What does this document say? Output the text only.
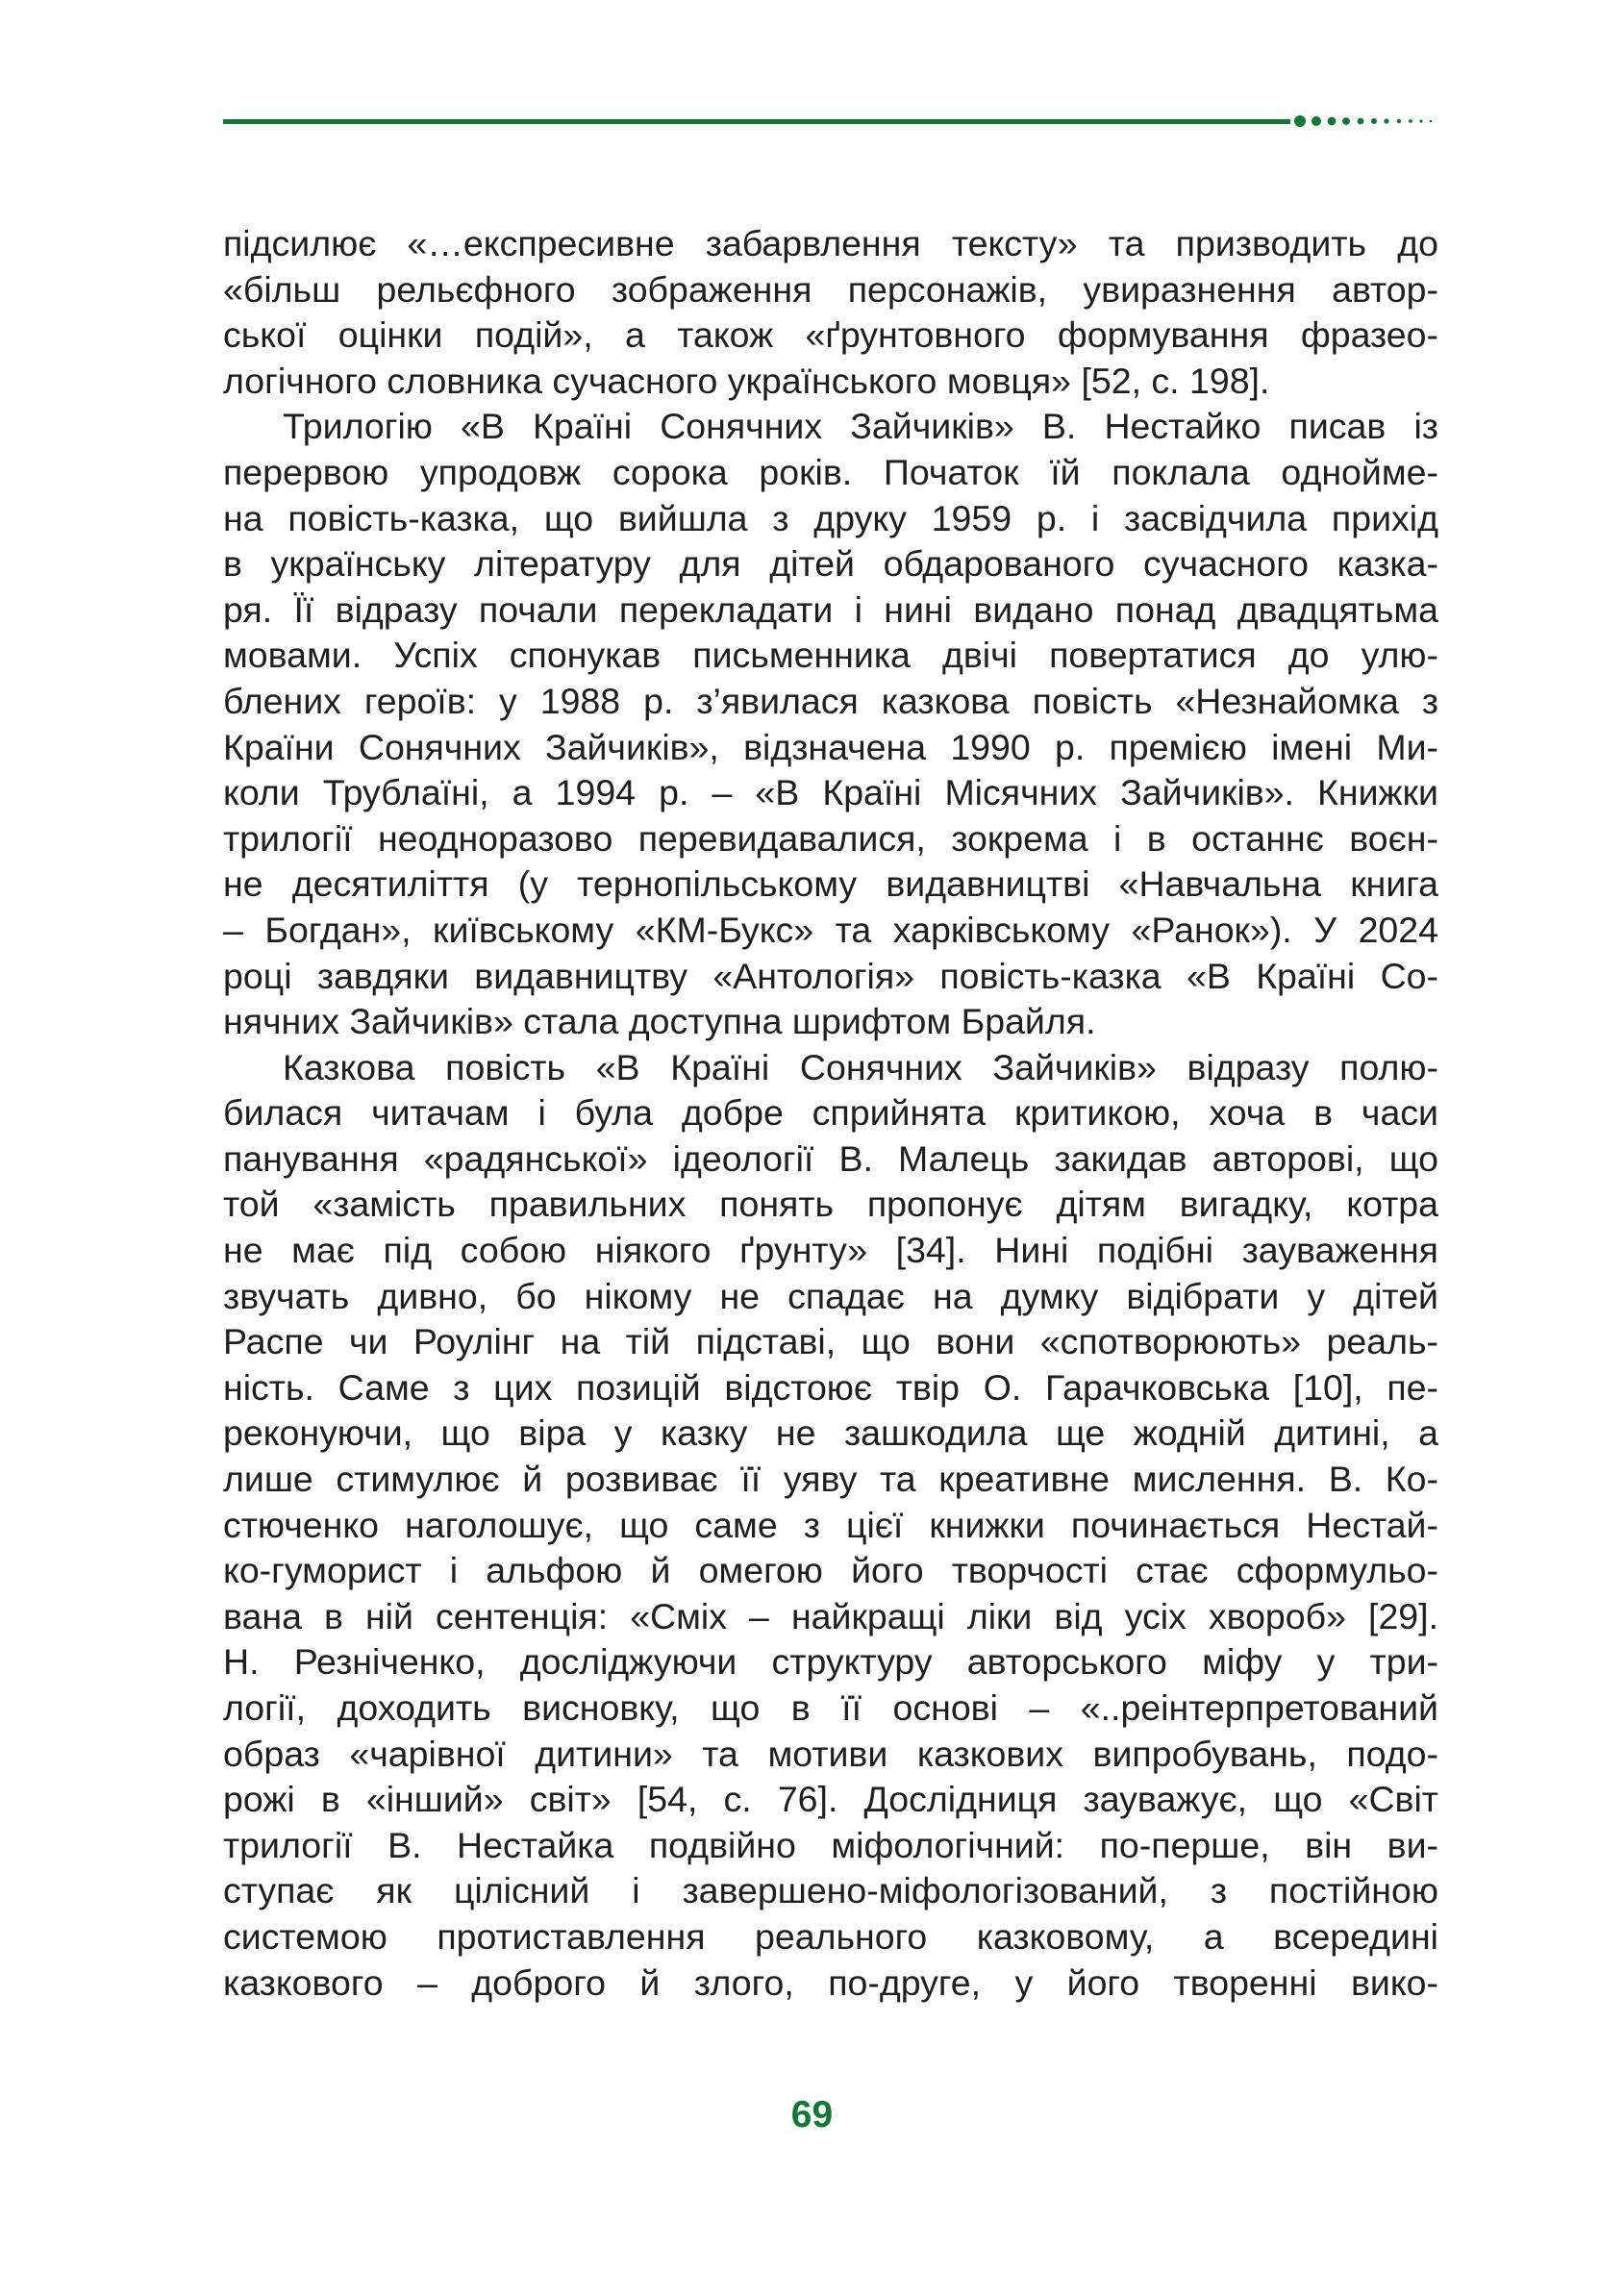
підсилює «…експресивне забарвлення тексту» та призводить до
«більш рельєфного зображення персонажів, увиразнення автор-
ської оцінки подій», а також «ґрунтовного формування фразео-
логічного словника сучасного українського мовця» [52, с. 198].
Трилогію «В Країні Сонячних Зайчиків» В. Нестайко писав із
перервою упродовж сорока років. Початок їй поклала однойме-
на повість-казка, що вийшла з друку 1959 р. і засвідчила прихід
в українську літературу для дітей обдарованого сучасного казка-
ря. Її відразу почали перекладати і нині видано понад двадцятьма
мовами. Успіх спонукав письменника двічі повертатися до улю-
блених героїв: у 1988 р. з’явилася казкова повість «Незнайомка з
Країни Сонячних Зайчиків», відзначена 1990 р. премією імені Ми-
коли Трублаїні, а 1994 р. – «В Країні Місячних Зайчиків». Книжки
трилогії неодноразово перевидавалися, зокрема і в останнє воєн-
не десятиліття (у тернопільському видавництві «Навчальна книга
– Богдан», київському «КМ-Букс» та харківському «Ранок»). У 2024
році завдяки видавництву «Антологія» повість-казка «В Країні Со-
нячних Зайчиків» стала доступна шрифтом Брайля.
Казкова повість «В Країні Сонячних Зайчиків» відразу полю-
билася читачам і була добре сприйнята критикою, хоча в часи
панування «радянської» ідеології В. Малець закидав авторові, що
той «замість правильних понять пропонує дітям вигадку, котра
не має під собою ніякого ґрунту» [34]. Нині подібні зауваження
звучать дивно, бо нікому не спадає на думку відібрати у дітей
Распе чи Роулінг на тій підставі, що вони «спотворюють» реаль-
ність. Саме з цих позицій відстоює твір О. Гарачковська [10], пе-
реконуючи, що віра у казку не зашкодила ще жодній дитині, а
лише стимулює й розвиває її уяву та креативне мислення. В. Ко-
стюченко наголошує, що саме з цієї книжки починається Нестай-
ко-гуморист і альфою й омегою його творчості стає сформульо-
вана в ній сентенція: «Сміх – найкращі ліки від усіх хвороб» [29].
Н. Резніченко, досліджуючи структуру авторського міфу у три-
логії, доходить висновку, що в її основі – «..реінтерпретований
образ «чарівної дитини» та мотиви казкових випробувань, подо-
рожі в «інший» світ» [54, с. 76]. Дослідниця зауважує, що «Світ
трилогії В. Нестайка подвійно міфологічний: по-перше, він ви-
ступає як цілісний і завершено-міфологізований, з постійною
системою протиставлення реального казковому, а всередині
казкового – доброго й злого, по-друге, у його творенні вико-
69
